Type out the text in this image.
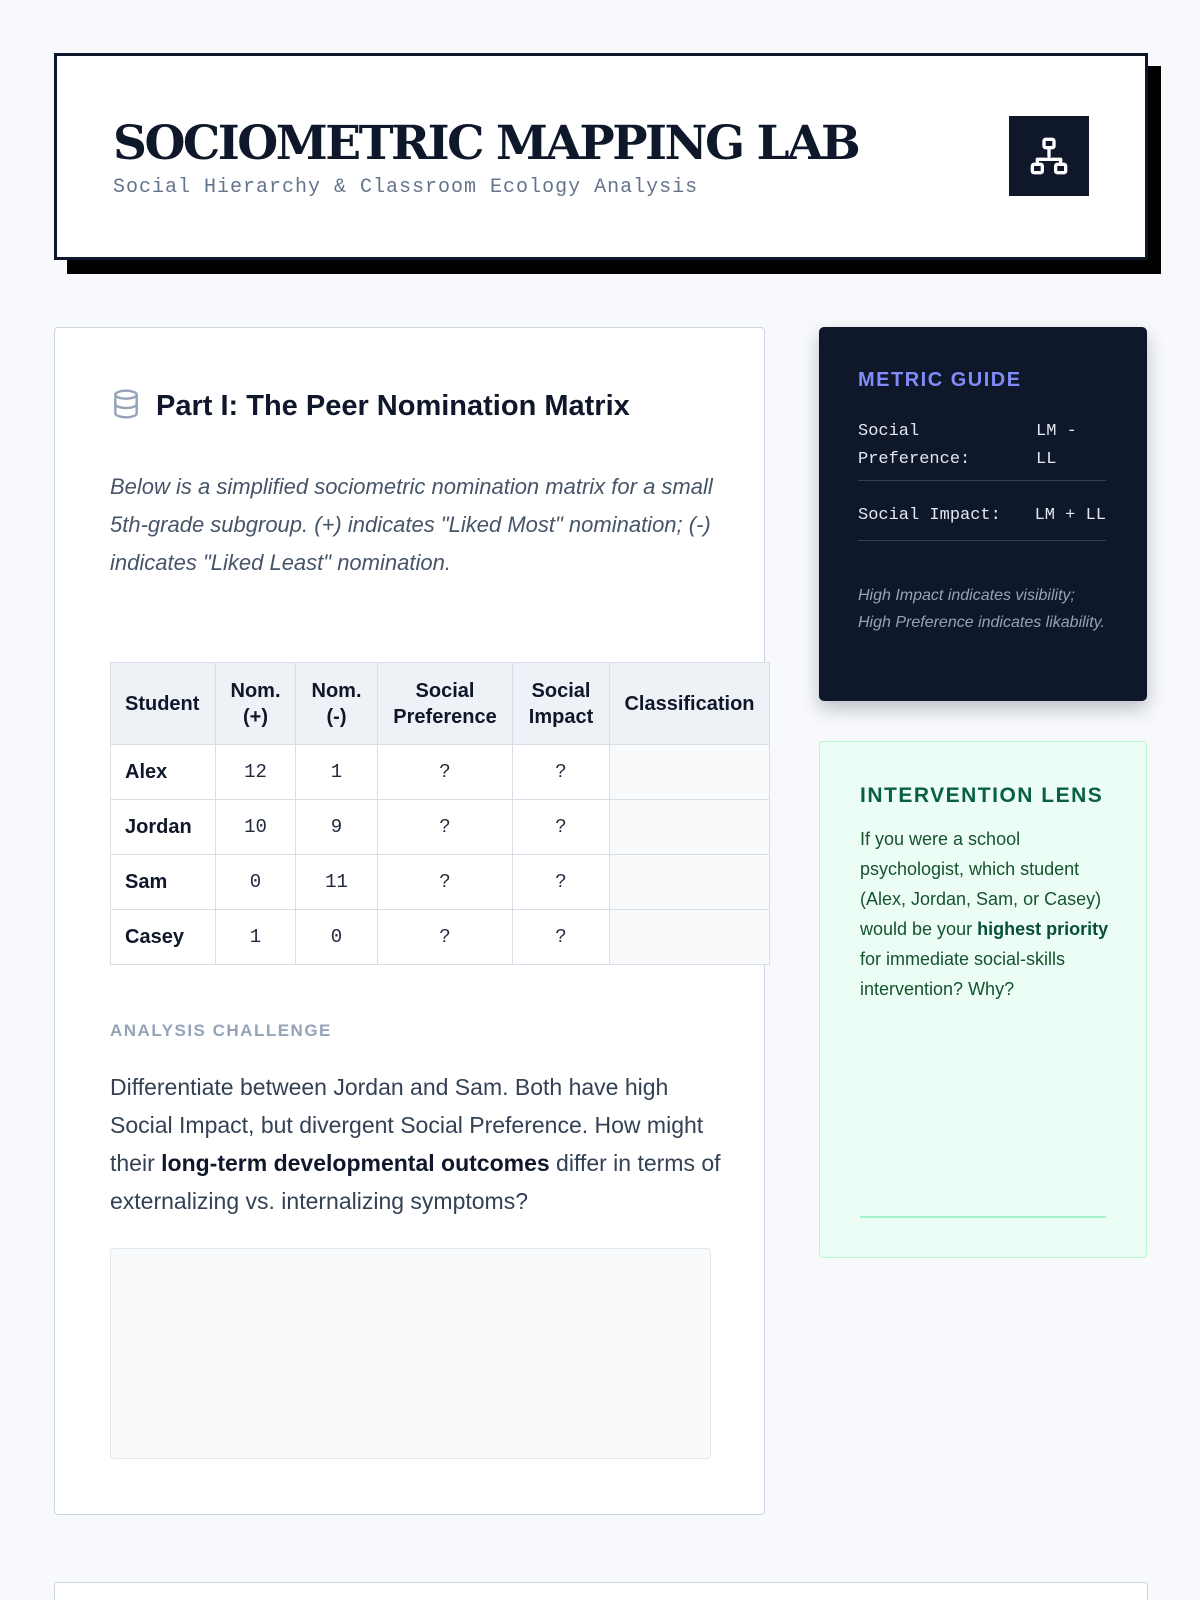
SOCIOMETRIC MAPPING LAB
Social Hierarchy & Classroom Ecology Analysis
Part I: The Peer Nomination Matrix

Below is a simplified sociometric nomination matrix for a small 5th-grade subgroup. (+) indicates "Liked Most" nomination; (-) indicates "Liked Least" nomination.

Student	Nom. (+)	Nom. (-)	Social Preference	Social Impact	Classification
Alex	12	1	?	?	
Jordan	10	9	?	?	
Sam	0	11	?	?	
Casey	1	0	?	?	
ANALYSIS CHALLENGE

Differentiate between Jordan and Sam. Both have high Social Impact, but divergent Social Preference. How might their long-term developmental outcomes differ in terms of externalizing vs. internalizing symptoms?

METRIC GUIDE
Social Preference:
LM - LL
Social Impact: LM + LL

High Impact indicates visibility; High Preference indicates likability.

INTERVENTION LENS

If you were a school psychologist, which student (Alex, Jordan, Sam, or Casey) would be your highest priority for immediate social-skills intervention? Why?
